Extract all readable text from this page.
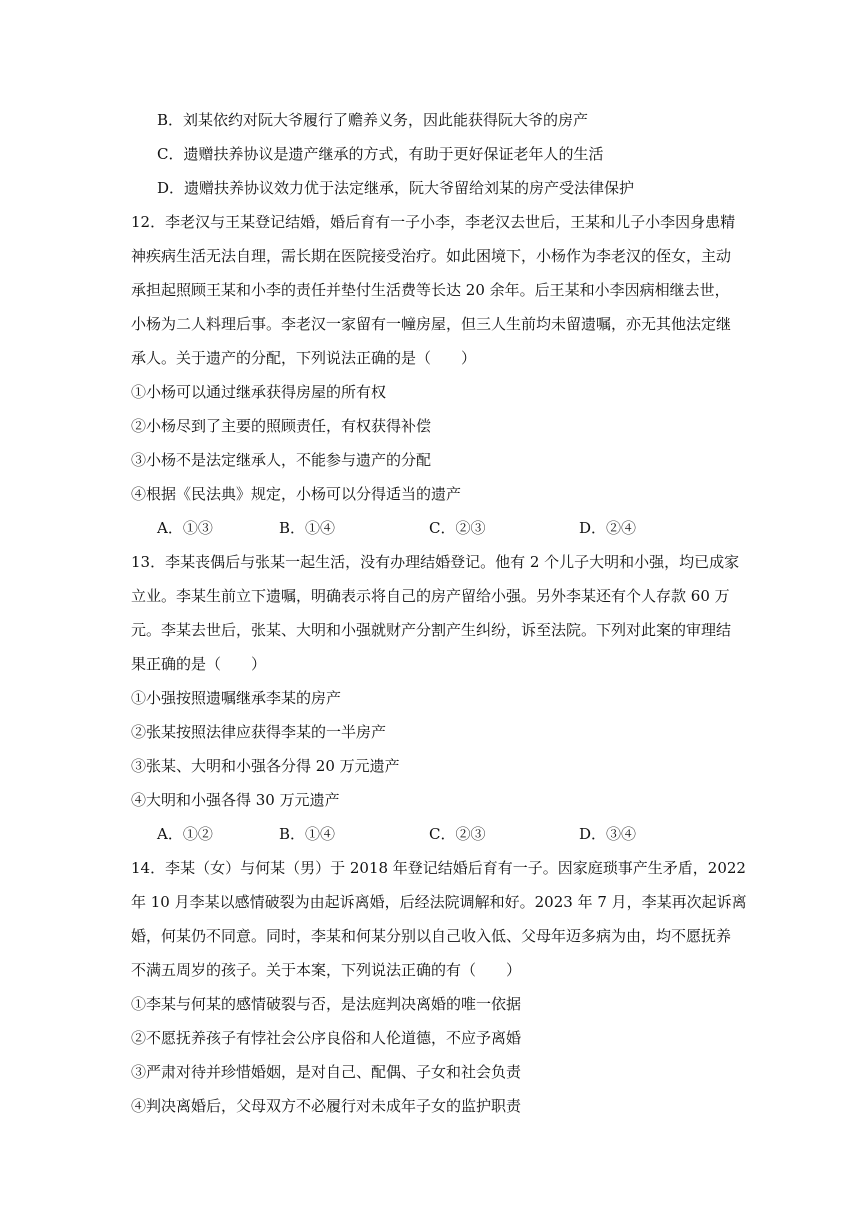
B．刘某依约对阮大爷履行了赡养义务，因此能获得阮大爷的房产
C．遗赠扶养协议是遗产继承的方式，有助于更好保证老年人的生活
D．遗赠扶养协议效力优于法定继承，阮大爷留给刘某的房产受法律保护
12．李老汉与王某登记结婚，婚后育有一子小李，李老汉去世后，王某和儿子小李因身患精
神疾病生活无法自理，需长期在医院接受治疗。如此困境下，小杨作为李老汉的侄女，主动
承担起照顾王某和小李的责任并垫付生活费等长达 20 余年。后王某和小李因病相继去世，
小杨为二人料理后事。李老汉一家留有一幢房屋，但三人生前均未留遗嘱，亦无其他法定继
承人。关于遗产的分配，下列说法正确的是（　　）
①小杨可以通过继承获得房屋的所有权
②小杨尽到了主要的照顾责任，有权获得补偿
③小杨不是法定继承人，不能参与遗产的分配
④根据《民法典》规定，小杨可以分得适当的遗产
A．①③	B．①④	C．②③	D．②④
13．李某丧偶后与张某一起生活，没有办理结婚登记。他有 2 个儿子大明和小强，均已成家
立业。李某生前立下遗嘱，明确表示将自己的房产留给小强。另外李某还有个人存款 60 万
元。李某去世后，张某、大明和小强就财产分割产生纠纷，诉至法院。下列对此案的审理结
果正确的是（　　）
①小强按照遗嘱继承李某的房产
②张某按照法律应获得李某的一半房产
③张某、大明和小强各分得 20 万元遗产
④大明和小强各得 30 万元遗产
A．①②	B．①④	C．②③	D．③④
14．李某（女）与何某（男）于 2018 年登记结婚后育有一子。因家庭琐事产生矛盾，2022
年 10 月李某以感情破裂为由起诉离婚，后经法院调解和好。2023 年 7 月，李某再次起诉离
婚，何某仍不同意。同时，李某和何某分别以自己收入低、父母年迈多病为由，均不愿抚养
不满五周岁的孩子。关于本案，下列说法正确的有（　　）
①李某与何某的感情破裂与否，是法庭判决离婚的唯一依据
②不愿抚养孩子有悖社会公序良俗和人伦道德，不应予离婚
③严肃对待并珍惜婚姻，是对自己、配偶、子女和社会负责
④判决离婚后，父母双方不必履行对未成年子女的监护职责
